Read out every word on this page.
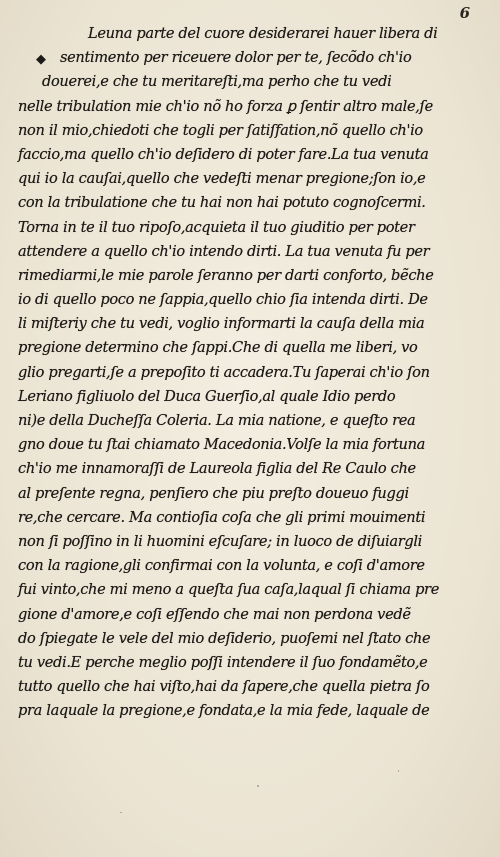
6
◆
Leuna parte del cuore desiderarei hauer libera di
sentimento per riceuere dolor per te, ſecõdo ch'io
douerei,e che tu meritareſti,ma perho che tu vedi
nelle tribulation mie ch'io nõ ho forza ꝑ ſentir altro male,ſe
non il mio,chiedoti che togli per ſatiſfation,nõ quello ch'io
faccio,ma quello ch'io deſidero di poter fare.La tua venuta
qui io la cauſai,quello che vedeſti menar pregione;ſon io,e
con la tribulatione che tu hai non hai potuto cognoſcermi.
Torna in te il tuo ripoſo,acquieta il tuo giuditio per poter
attendere a quello ch'io intendo dirti. La tua venuta fu per
rimediarmi,le mie parole ſeranno per darti conforto, bẽche
io di quello poco ne ſappia,quello chio ſia intenda dirti. De
li miſteriy che tu vedi, voglio informarti la cauſa della mia
pregione determino che ſappi.Che di quella me liberi, vo
glio pregarti,ſe a prepoſito ti accadera.Tu ſaperai ch'io ſon
Leriano figliuolo del Duca Guerſio,al quale Idio perdo
ni)e della Ducheſſa Coleria. La mia natione, e queſto rea
gno doue tu ſtai chiamato Macedonia.Volſe la mia fortuna
ch'io me innamoraſſi de Laureola figlia del Re Caulo che
al preſente regna, penſiero che piu preſto doueuo fuggi
re,che cercare. Ma contioſia coſa che gli primi mouimenti
non ſi poſſino in li huomini eſcuſare; in luoco de diſuiargli
con la ragione,gli confirmai con la volunta, e coſi d'amore
fui vinto,che mi meno a queſta ſua caſa,laqual ſi chiama pre
gione d'amore,e coſi eſſendo che mai non perdona vedẽ
do ſpiegate le vele del mio deſiderio, puoſemi nel ſtato che
tu vedi.E perche meglio poſſi intendere il ſuo fondamẽto,e
tutto quello che hai viſto,hai da ſapere,che quella pietra ſo
pra laquale la pregione,e fondata,e la mia fede, laquale de
